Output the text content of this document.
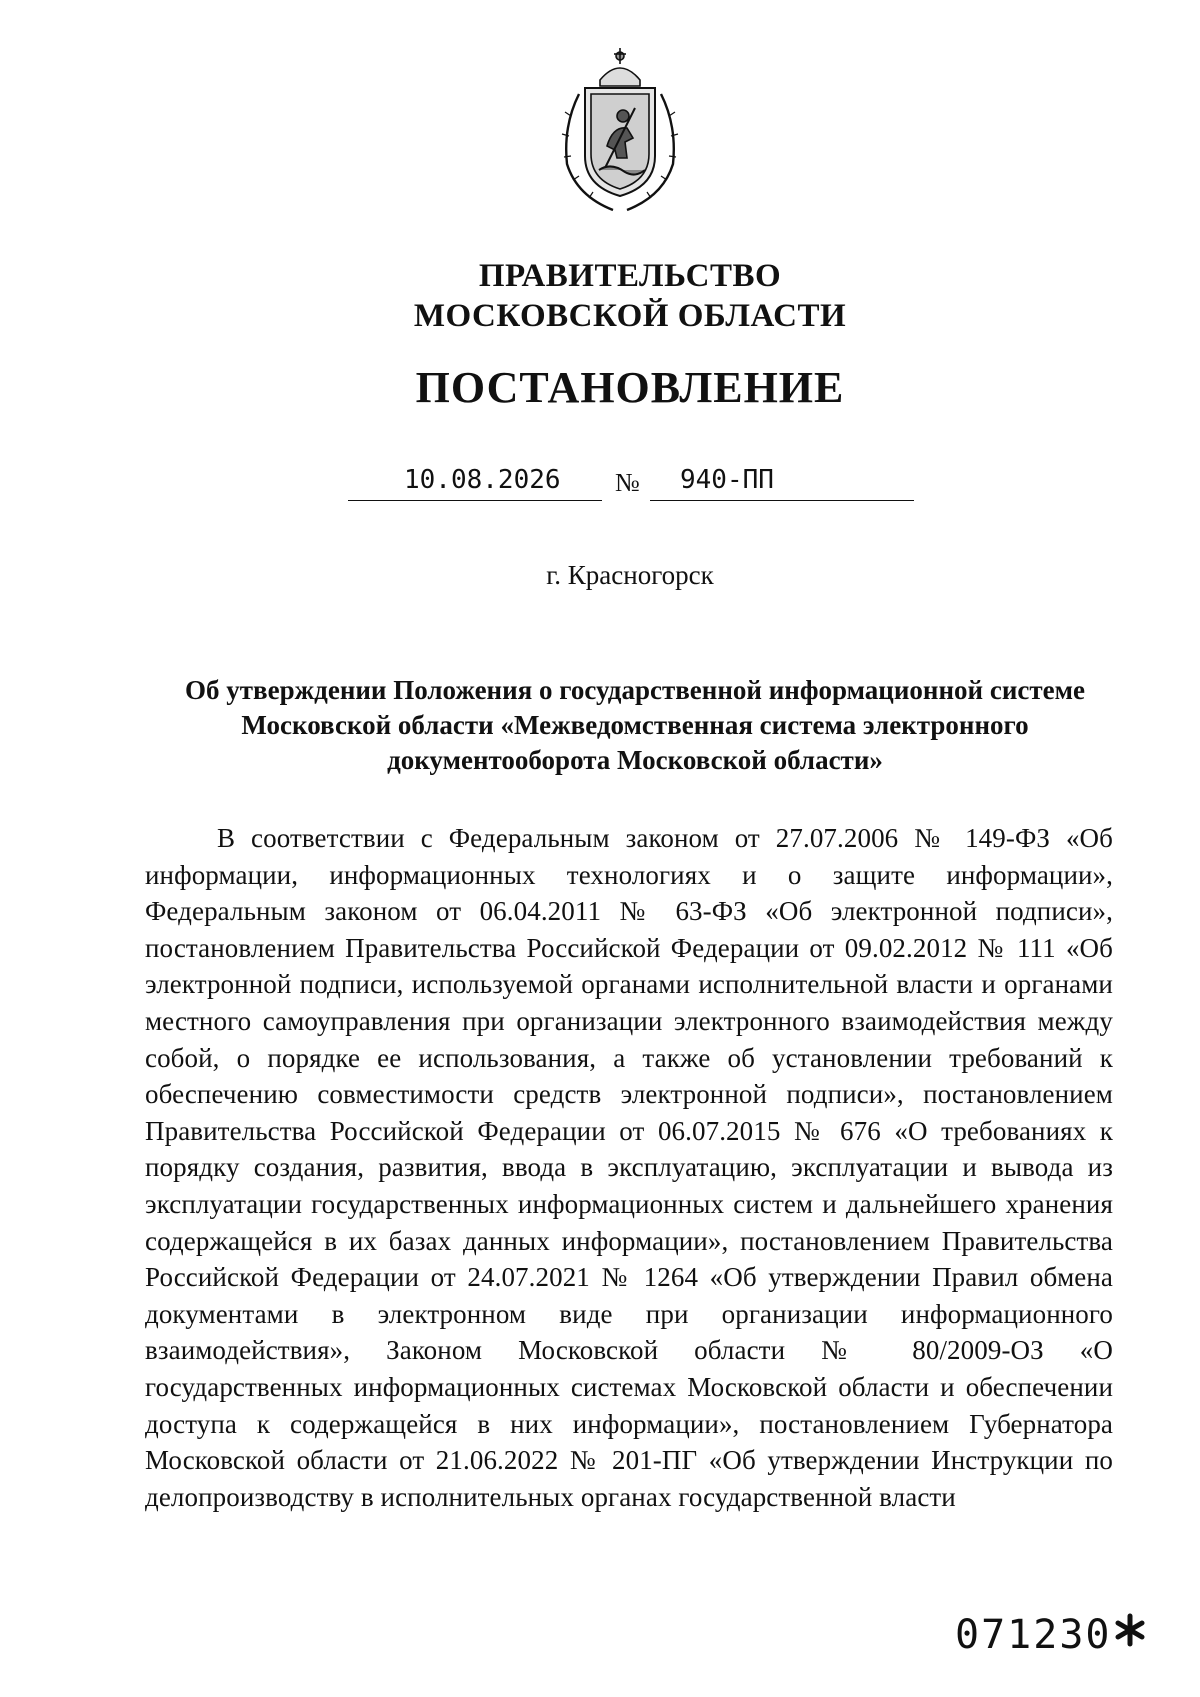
ПРАВИТЕЛЬСТВО
МОСКОВСКОЙ ОБЛАСТИ
ПОСТАНОВЛЕНИЕ
10.08.2026 № 940-ПП
г. Красногорск
Об утверждении Положения о государственной информационной системе Московской области «Межведомственная система электронного документооборота Московской области»
В соответствии с Федеральным законом от 27.07.2006 № 149-ФЗ «Об информации, информационных технологиях и о защите информации», Федеральным законом от 06.04.2011 № 63-ФЗ «Об электронной подписи», постановлением Правительства Российской Федерации от 09.02.2012 № 111 «Об электронной подписи, используемой органами исполнительной власти и органами местного самоуправления при организации электронного взаимодействия между собой, о порядке ее использования, а также об установлении требований к обеспечению совместимости средств электронной подписи», постановлением Правительства Российской Федерации от 06.07.2015 № 676 «О требованиях к порядку создания, развития, ввода в эксплуатацию, эксплуатации и вывода из эксплуатации государственных информационных систем и дальнейшего хранения содержащейся в их базах данных информации», постановлением Правительства Российской Федерации от 24.07.2021 № 1264 «Об утверждении Правил обмена документами в электронном виде при организации информационного взаимодействия», Законом Московской области № 80/2009-ОЗ «О государственных информационных системах Московской области и обеспечении доступа к содержащейся в них информации», постановлением Губернатора Московской области от 21.06.2022 № 201-ПГ «Об утверждении Инструкции по делопроизводству в исполнительных органах государственной власти
071230
